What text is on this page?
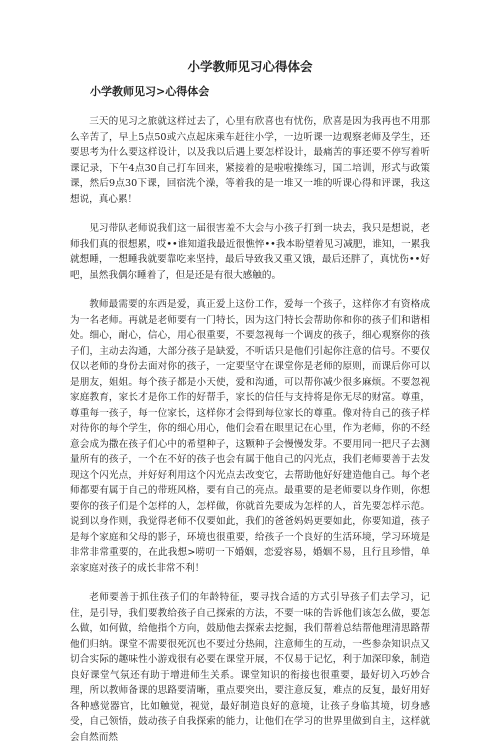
小学教师见习心得体会
小学教师见习>心得体会

三天的见习之旅就这样过去了，心里有欣喜也有忧伤，欣喜是因为我再也不用那么辛苦了，早上5点50或六点起床乘车赶往小学，一边听课一边观察老师及学生，还要思考为什么要这样设计，以及我以后遇上要怎样设计，最痛苦的事还要不停写着听课记录，下午4点30自己打车回来，紧接着的是啦啦操练习，国二培训，形式与政策课，然后9点30下课，回宿洗个澡，等着我的是一堆又一堆的听课心得和评课，我这想说，真心累！

见习带队老师说我们这一届很害羞不大会与小孩子打到一块去，我只是想说，老师我们真的很想累，哎••谁知道我最近很憔悴••我本盼望着见习减肥，谁知，一累我就想睡，一想睡我就要靠吃来坚持，最后导致我又重又饿，最后还胖了，真忧伤••好吧，虽然我偶尔睡着了，但是还是有很大感触的。

教师最需要的东西是爱，真正爱上这份工作，爱每一个孩子，这样你才有资格成为一名老师。再就是老师要有一门特长，因为这门特长会帮助你和你的孩子们和谐相处。细心，耐心，信心，用心很重要，不要忽视每一个调皮的孩子，细心观察你的孩子们，主动去沟通，大部分孩子是缺爱，不听话只是他们引起你注意的信号。不要仅仅以老师的身份去面对你的孩子，一定要坚守在课堂你是老师的原则，而课后你可以是朋友，姐姐。每个孩子都是小天使，爱和沟通，可以帮你减少很多麻烦。不要忽视家庭教育，家长才是你工作的好帮手，家长的信任与支持将是你无尽的财富。尊重，尊重每一孩子，每一位家长，这样你才会得到每位家长的尊重。像对待自己的孩子样对待你的每个学生，你的细心用心，他们会看在眼里记在心里，作为老师，你的不经意会成为撒在孩子们心中的希望种子，这颗种子会慢慢发芽。不要用同一把尺子去测量所有的孩子，一个在不好的孩子也会有属于他自己的闪光点，我们老师要善于去发现这个闪光点，并好好利用这个闪光点去改变它，去帮助他好好建造他自己。每个老师都要有属于自己的带班风格，要有自己的亮点。最重要的是老师要以身作则，你想要你的孩子们是个怎样的人，怎样做，你就首先要成为怎样的人，首先要怎样示范。说到以身作则，我觉得老师不仅要如此，我们的爸爸妈妈更要如此，你要知道，孩子是每个家庭和父母的影子，环境也很重要，给孩子一个良好的生活环境，学习环境是非常非常重要的，在此我想>唠叨一下婚姻，恋爱容易，婚姻不易，且行且珍惜，单亲家庭对孩子的成长非常不利！

老师要善于抓住孩子们的年龄特征，要寻找合适的方式引导孩子们去学习，记住，是引导，我们要教给孩子自己探索的方法，不要一味的告诉他们该怎么做，要怎么做，如何做，给他指个方向，鼓励他去探索去挖掘，我们帮着总结帮他理清思路帮他们归纳。课堂不需要很死沉也不要过分热闹，注意师生的互动，一些参杂知识点又切合实际的趣味性小游戏很有必要在课堂开展，不仅易于记忆，利于加深印象，制造良好课堂气氛还有助于增进师生关系。课堂知识的衔接也很重要，最好切入巧妙合理，所以教师备课的思路要清晰，重点要突出，要注意反复，难点的反复，最好用好各种感觉器官，比如触觉，视觉，最好制造良好的意境，让孩子身临其境，切身感受，自己领悟，鼓动孩子自我探索的能力，让他们在学习的世界里做到自主，这样就会自然而然
